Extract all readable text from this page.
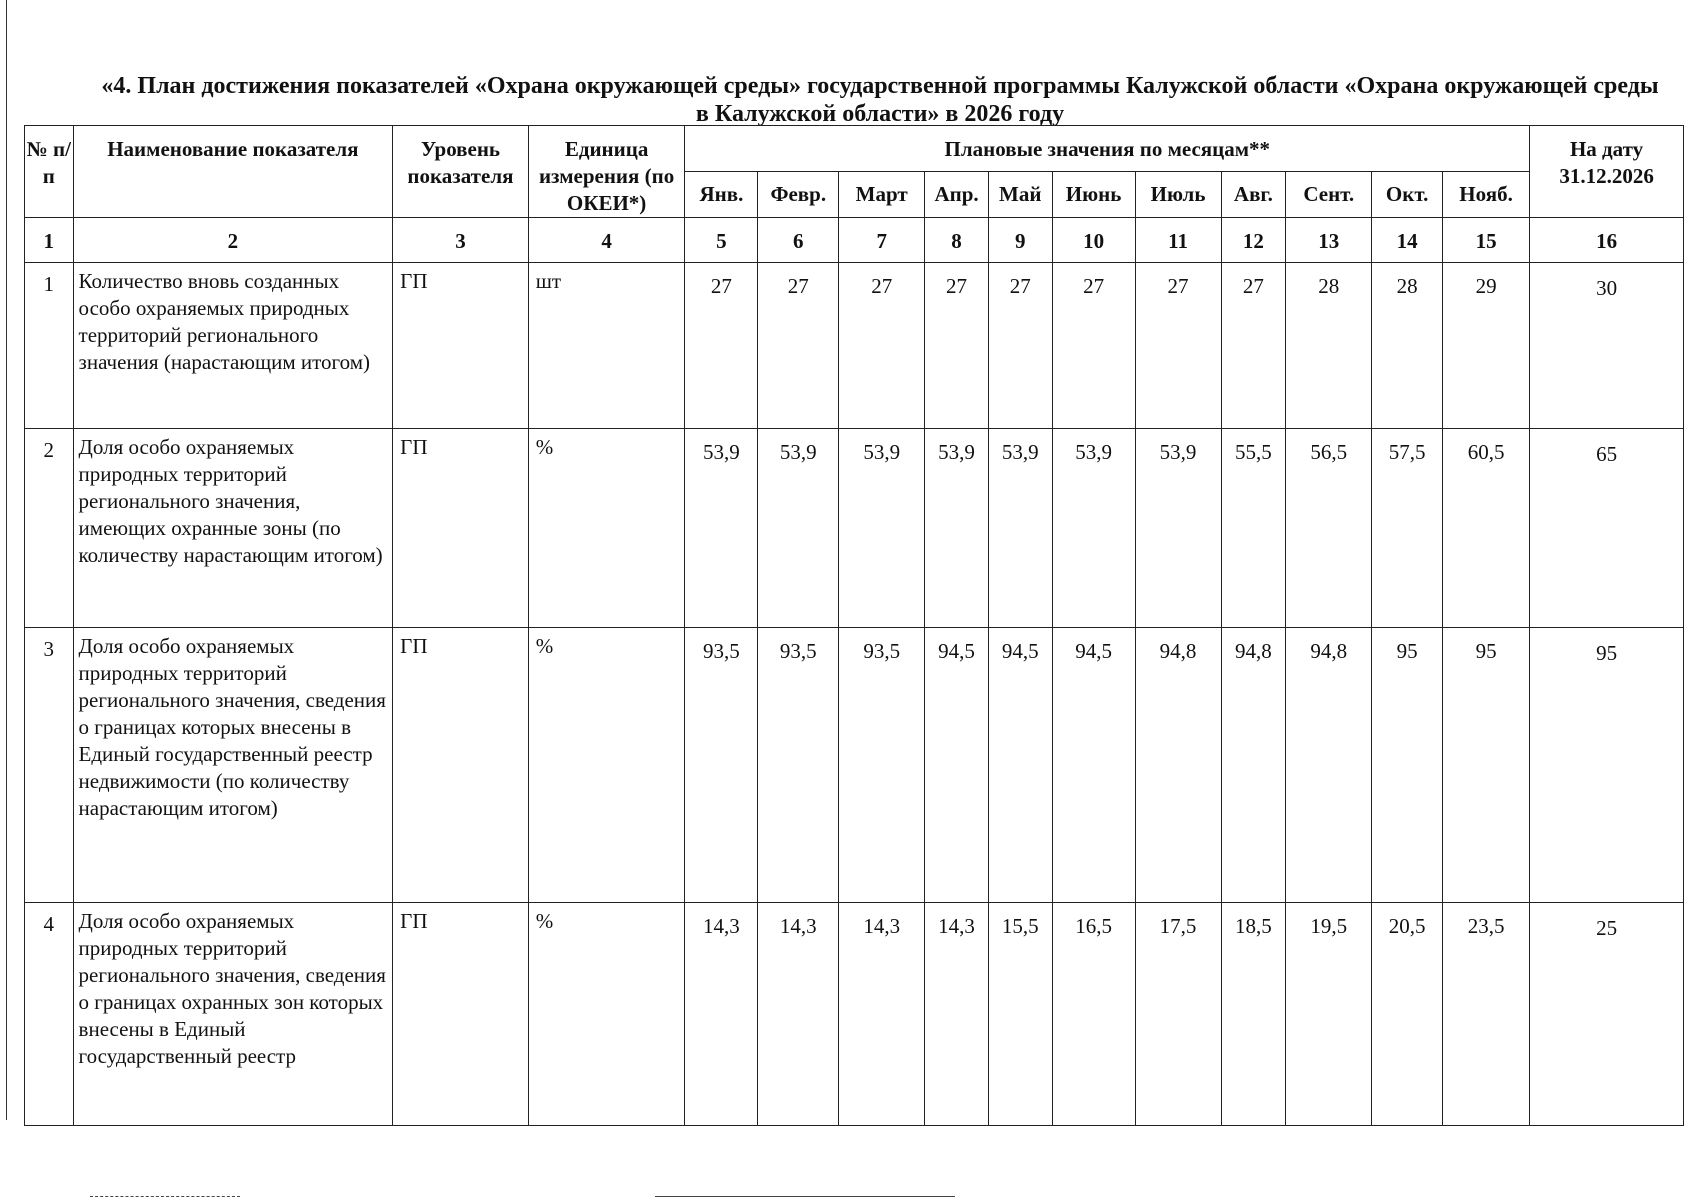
«4. План достижения показателей «Охрана окружающей среды» государственной программы Калужской области «Охрана окружающей среды в Калужской области» в 2026 году
№ п/п	Наименование показателя	Уровень показателя	Единица измерения (по ОКЕИ*)	Плановые значения по месяцам**											На дату 31.12.2026
				Янв.	Февр.	Март	Апр.	Май	Июнь	Июль	Авг.	Сент.	Окт.	Нояб.	
1	2	3	4	5	6	7	8	9	10	11	12	13	14	15	16
1	Количество вновь созданных особо охраняемых природных территорий регионального значения (нарастающим итогом)	ГП	шт	27	27	27	27	27	27	27	27	28	28	29	30
2	Доля особо охраняемых природных территорий регионального значения, имеющих охранные зоны (по количеству нарастающим итогом)	ГП	%	53,9	53,9	53,9	53,9	53,9	53,9	53,9	55,5	56,5	57,5	60,5	65
3	Доля особо охраняемых природных территорий регионального значения, сведения о границах которых внесены в Единый государственный реестр недвижимости (по количеству нарастающим итогом)	ГП	%	93,5	93,5	93,5	94,5	94,5	94,5	94,8	94,8	94,8	95	95	95
4	Доля особо охраняемых природных территорий регионального значения, сведения о границах охранных зон которых внесены в Единый государственный реестр	ГП	%	14,3	14,3	14,3	14,3	15,5	16,5	17,5	18,5	19,5	20,5	23,5	25
